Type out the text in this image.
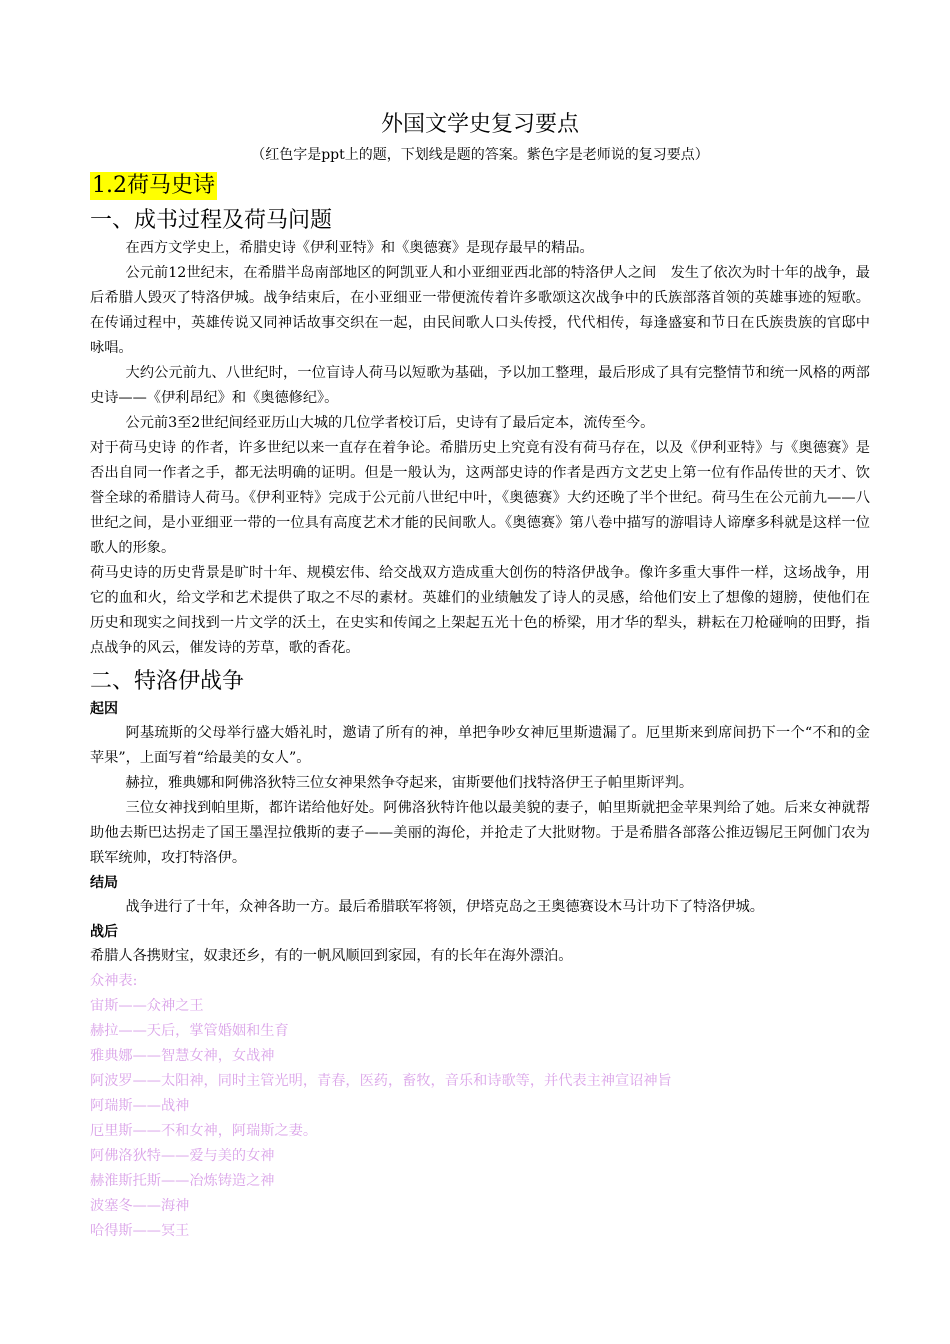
外国文学史复习要点
（红色字是ppt上的题，下划线是题的答案。紫色字是老师说的复习要点）
1.2荷马史诗
一、成书过程及荷马问题

在西方文学史上，希腊史诗《伊利亚特》和《奥德赛》是现存最早的精品。

公元前12世纪末，在希腊半岛南部地区的阿凯亚人和小亚细亚西北部的特洛伊人之间　发生了依次为时十年的战争，最后希腊人毁灭了特洛伊城。战争结束后，在小亚细亚一带便流传着许多歌颂这次战争中的氏族部落首领的英雄事迹的短歌。在传诵过程中，英雄传说又同神话故事交织在一起，由民间歌人口头传授，代代相传，每逢盛宴和节日在氏族贵族的官邸中咏唱。

大约公元前九、八世纪时，一位盲诗人荷马以短歌为基础，予以加工整理，最后形成了具有完整情节和统一风格的两部史诗——《伊利昂纪》和《奥德修纪》。

公元前3至2世纪间经亚历山大城的几位学者校订后，史诗有了最后定本，流传至今。

对于荷马史诗 的作者，许多世纪以来一直存在着争论。希腊历史上究竟有没有荷马存在，以及《伊利亚特》与《奥德赛》是否出自同一作者之手，都无法明确的证明。但是一般认为，这两部史诗的作者是西方文艺史上第一位有作品传世的天才、饮誉全球的希腊诗人荷马。《伊利亚特》完成于公元前八世纪中叶，《奥德赛》大约还晚了半个世纪。荷马生在公元前九——八世纪之间，是小亚细亚一带的一位具有高度艺术才能的民间歌人。《奥德赛》第八卷中描写的游唱诗人谛摩多科就是这样一位歌人的形象。

荷马史诗的历史背景是旷时十年、规模宏伟、给交战双方造成重大创伤的特洛伊战争。像许多重大事件一样，这场战争，用它的血和火，给文学和艺术提供了取之不尽的素材。英雄们的业绩触发了诗人的灵感，给他们安上了想像的翅膀，使他们在历史和现实之间找到一片文学的沃土，在史实和传闻之上架起五光十色的桥梁，用才华的犁头，耕耘在刀枪碰响的田野，指点战争的风云，催发诗的芳草，歌的香花。

二、特洛伊战争
起因

阿基琉斯的父母举行盛大婚礼时，邀请了所有的神，单把争吵女神厄里斯遗漏了。厄里斯来到席间扔下一个“不和的金苹果”，上面写着“给最美的女人”。

赫拉，雅典娜和阿佛洛狄特三位女神果然争夺起来，宙斯要他们找特洛伊王子帕里斯评判。

三位女神找到帕里斯，都许诺给他好处。阿佛洛狄特许他以最美貌的妻子，帕里斯就把金苹果判给了她。后来女神就帮助他去斯巴达拐走了国王墨涅拉俄斯的妻子——美丽的海伦，并抢走了大批财物。于是希腊各部落公推迈锡尼王阿伽门农为联军统帅，攻打特洛伊。

结局

战争进行了十年，众神各助一方。最后希腊联军将领，伊塔克岛之王奥德赛设木马计功下了特洛伊城。

战后

希腊人各携财宝，奴隶还乡，有的一帆风顺回到家园，有的长年在海外漂泊。

众神表:
宙斯——众神之王
赫拉——天后，掌管婚姻和生育
雅典娜——智慧女神，女战神
阿波罗——太阳神，同时主管光明，青春，医药，畜牧，音乐和诗歌等，并代表主神宣诏神旨
阿瑞斯——战神
厄里斯——不和女神，阿瑞斯之妻。
阿佛洛狄特——爱与美的女神
赫淮斯托斯——冶炼铸造之神
波塞冬——海神
哈得斯——冥王
